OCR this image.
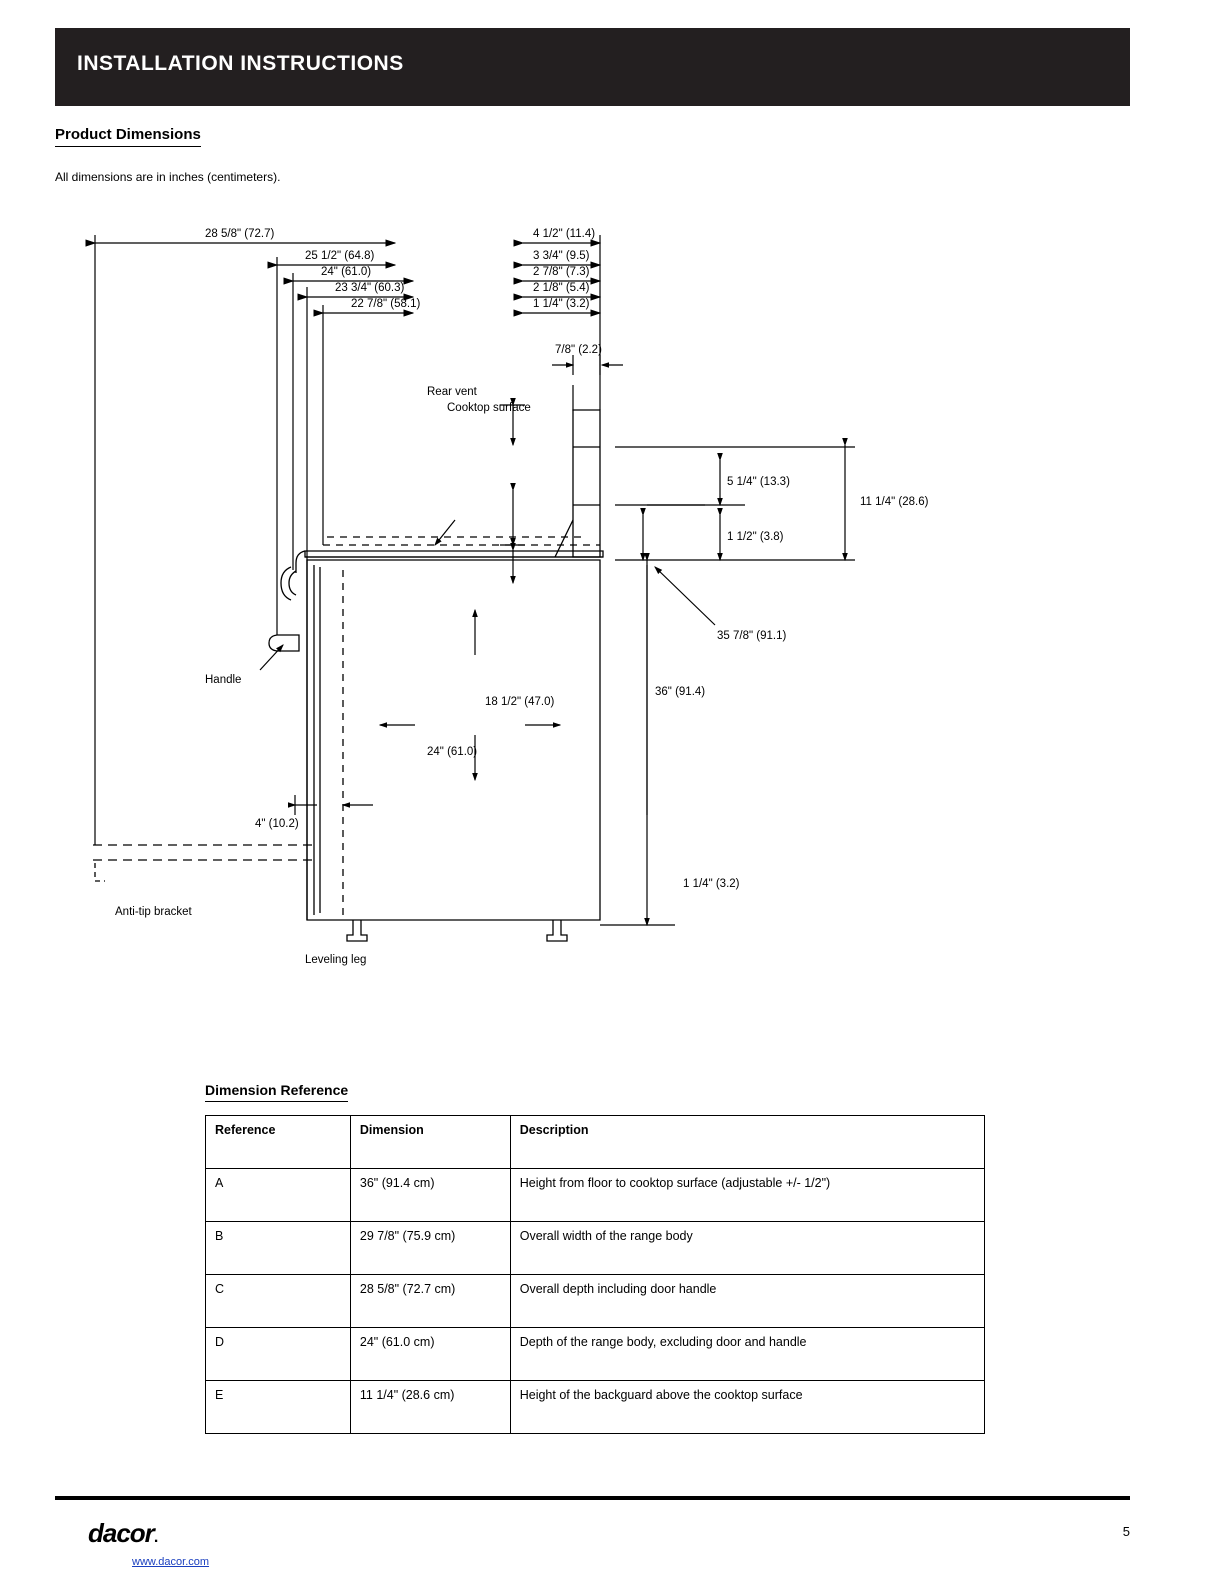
INSTALLATION INSTRUCTIONS
Product Dimensions
All dimensions are in inches (centimeters).
28 5/8" (72.7)
25 1/2" (64.8)
24" (61.0)
23 3/4" (60.3)
22 7/8" (58.1)
4 1/2" (11.4)
3 3/4" (9.5)
2 7/8" (7.3)
2 1/8" (5.4)
1 1/4" (3.2)
7/8" (2.2)
11 1/4" (28.6)
5 1/4" (13.3)
1 1/2" (3.8)
Rear vent
Cooktop surface
36" (91.4)
1 1/4" (3.2)
18 1/2" (47.0)
24" (61.0)
Handle
Anti-tip bracket
Leveling leg
35 7/8" (91.1)
4" (10.2)
Dimension Reference
Reference	Dimension	Description
A	36" (91.4 cm)	Height from floor to cooktop surface (adjustable +/- 1/2")
B	29 7/8" (75.9 cm)	Overall width of the range body
C	28 5/8" (72.7 cm)	Overall depth including door handle
D	24" (61.0 cm)	Depth of the range body, excluding door and handle
E	11 1/4" (28.6 cm)	Height of the backguard above the cooktop surface
dacor.
www.dacor.com
5
